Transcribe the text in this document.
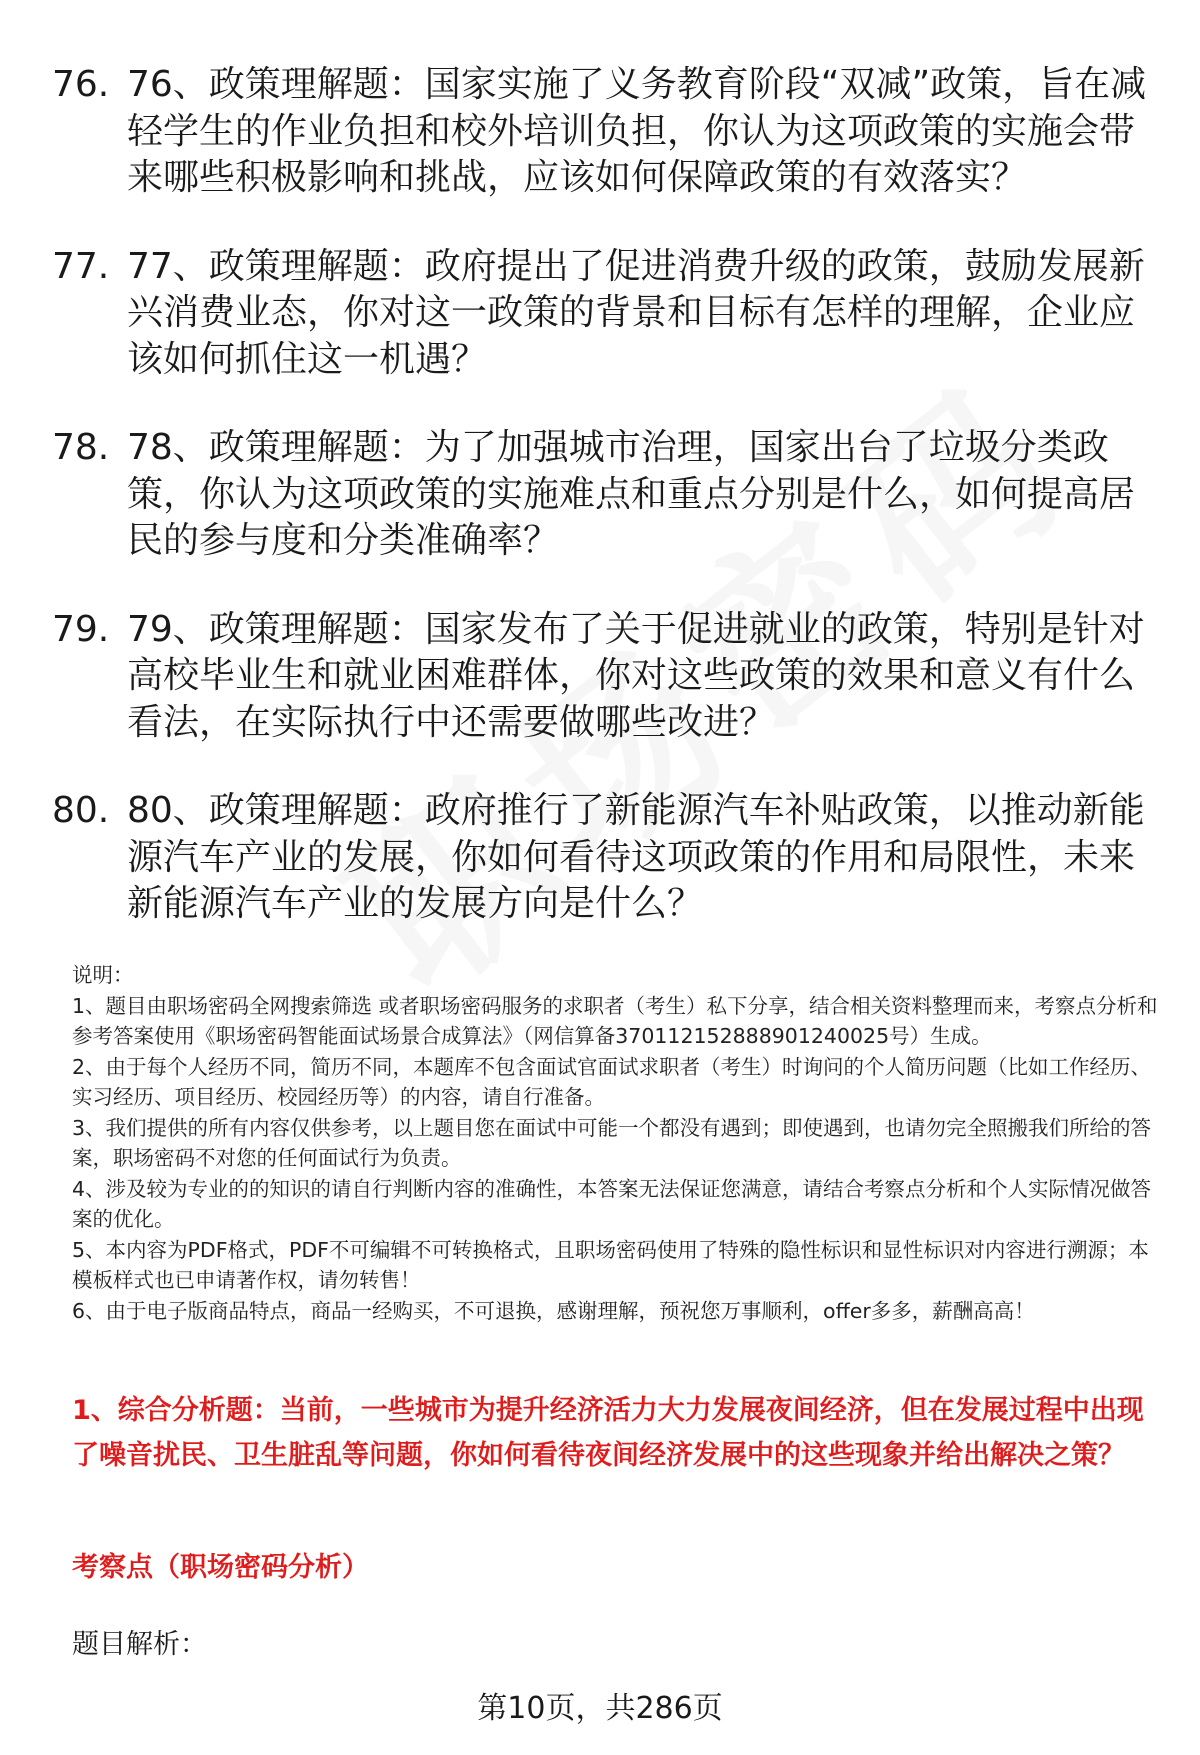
76. 76、政策理解题：国家实施了义务教育阶段“双减”政策，旨在减轻学生的作业负担和校外培训负担，你认为这项政策的实施会带来哪些积极影响和挑战，应该如何保障政策的有效落实？
77. 77、政策理解题：政府提出了促进消费升级的政策，鼓励发展新兴消费业态，你对这一政策的背景和目标有怎样的理解，企业应该如何抓住这一机遇？
78. 78、政策理解题：为了加强城市治理，国家出台了垃圾分类政策，你认为这项政策的实施难点和重点分别是什么，如何提高居民的参与度和分类准确率？
79. 79、政策理解题：国家发布了关于促进就业的政策，特别是针对高校毕业生和就业困难群体，你对这些政策的效果和意义有什么看法，在实际执行中还需要做哪些改进？
80. 80、政策理解题：政府推行了新能源汽车补贴政策，以推动新能源汽车产业的发展，你如何看待这项政策的作用和局限性，未来新能源汽车产业的发展方向是什么？

说明：

1、题目由职场密码全网搜索筛选 或者职场密码服务的求职者（考生）私下分享，结合相关资料整理而来，考察点分析和参考答案使用《职场密码智能面试场景合成算法》（网信算备370112152888901240025号）生成。

2、由于每个人经历不同，简历不同，本题库不包含面试官面试求职者（考生）时询问的个人简历问题（比如工作经历、实习经历、项目经历、校园经历等）的内容，请自行准备。

3、我们提供的所有内容仅供参考，以上题目您在面试中可能一个都没有遇到；即使遇到，也请勿完全照搬我们所给的答案，职场密码不对您的任何面试行为负责。

4、涉及较为专业的的知识的请自行判断内容的准确性，本答案无法保证您满意，请结合考察点分析和个人实际情况做答案的优化。

5、本内容为PDF格式，PDF不可编辑不可转换格式，且职场密码使用了特殊的隐性标识和显性标识对内容进行溯源；本模板样式也已申请著作权，请勿转售！

6、由于电子版商品特点，商品一经购买，不可退换，感谢理解，预祝您万事顺利，offer多多，薪酬高高！

1、综合分析题：当前，一些城市为提升经济活力大力发展夜间经济，但在发展过程中出现了噪音扰民、卫生脏乱等问题，你如何看待夜间经济发展中的这些现象并给出解决之策？
考察点（职场密码分析）
题目解析：
第10页，共286页
